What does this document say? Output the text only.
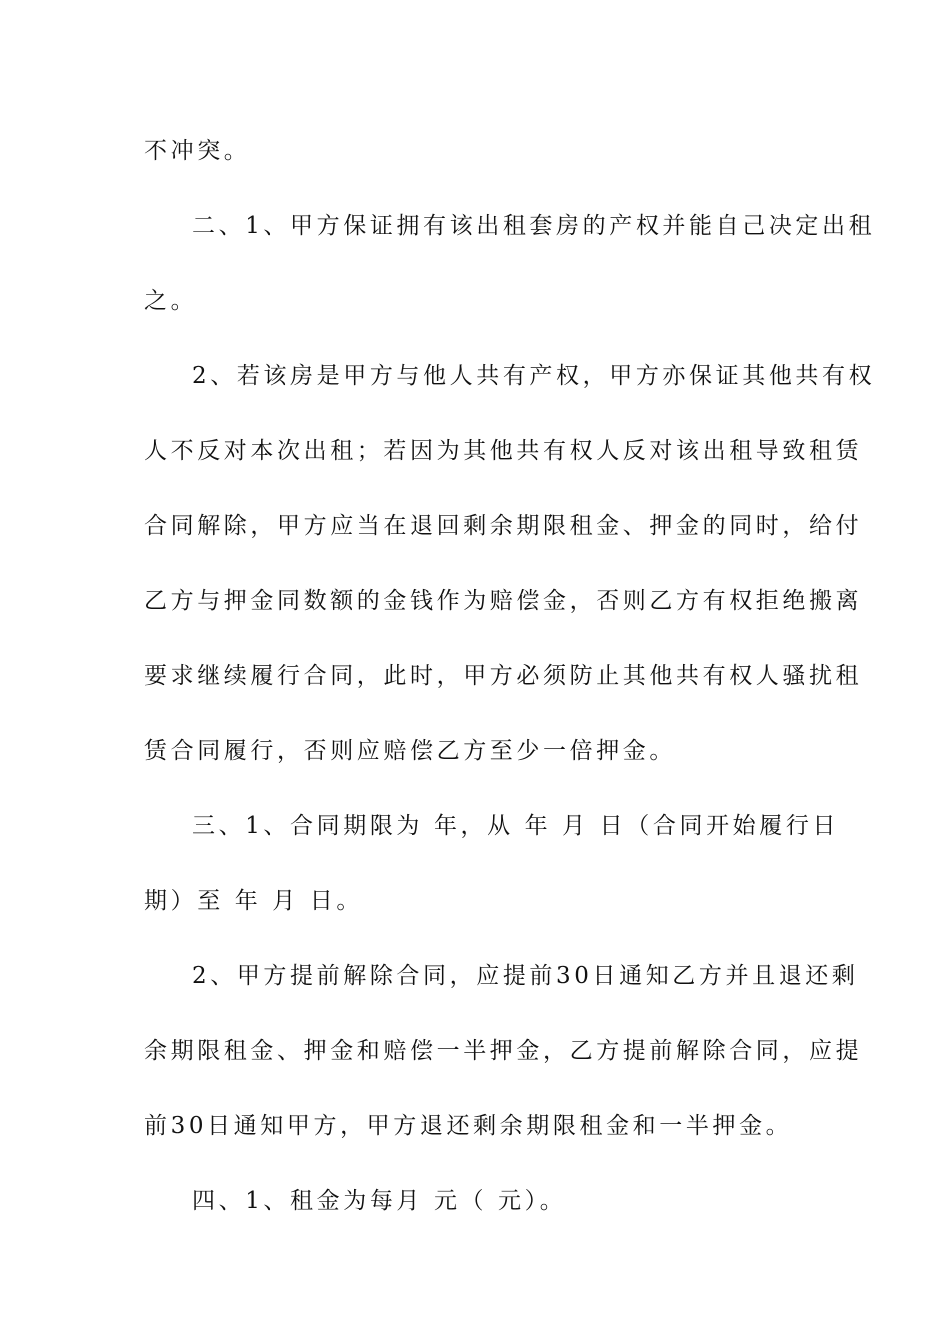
不冲突。
二、1、甲方保证拥有该出租套房的产权并能自己决定出租
之。
2、若该房是甲方与他人共有产权，甲方亦保证其他共有权
人不反对本次出租；若因为其他共有权人反对该出租导致租赁
合同解除，甲方应当在退回剩余期限租金、押金的同时，给付
乙方与押金同数额的金钱作为赔偿金，否则乙方有权拒绝搬离
要求继续履行合同，此时，甲方必须防止其他共有权人骚扰租
赁合同履行，否则应赔偿乙方至少一倍押金。
三、1、合同期限为 年，从 年 月 日（合同开始履行日
期）至 年 月 日。
2、甲方提前解除合同，应提前30日通知乙方并且退还剩
余期限租金、押金和赔偿一半押金，乙方提前解除合同，应提
前30日通知甲方，甲方退还剩余期限租金和一半押金。
四、1、租金为每月 元（ 元）。
